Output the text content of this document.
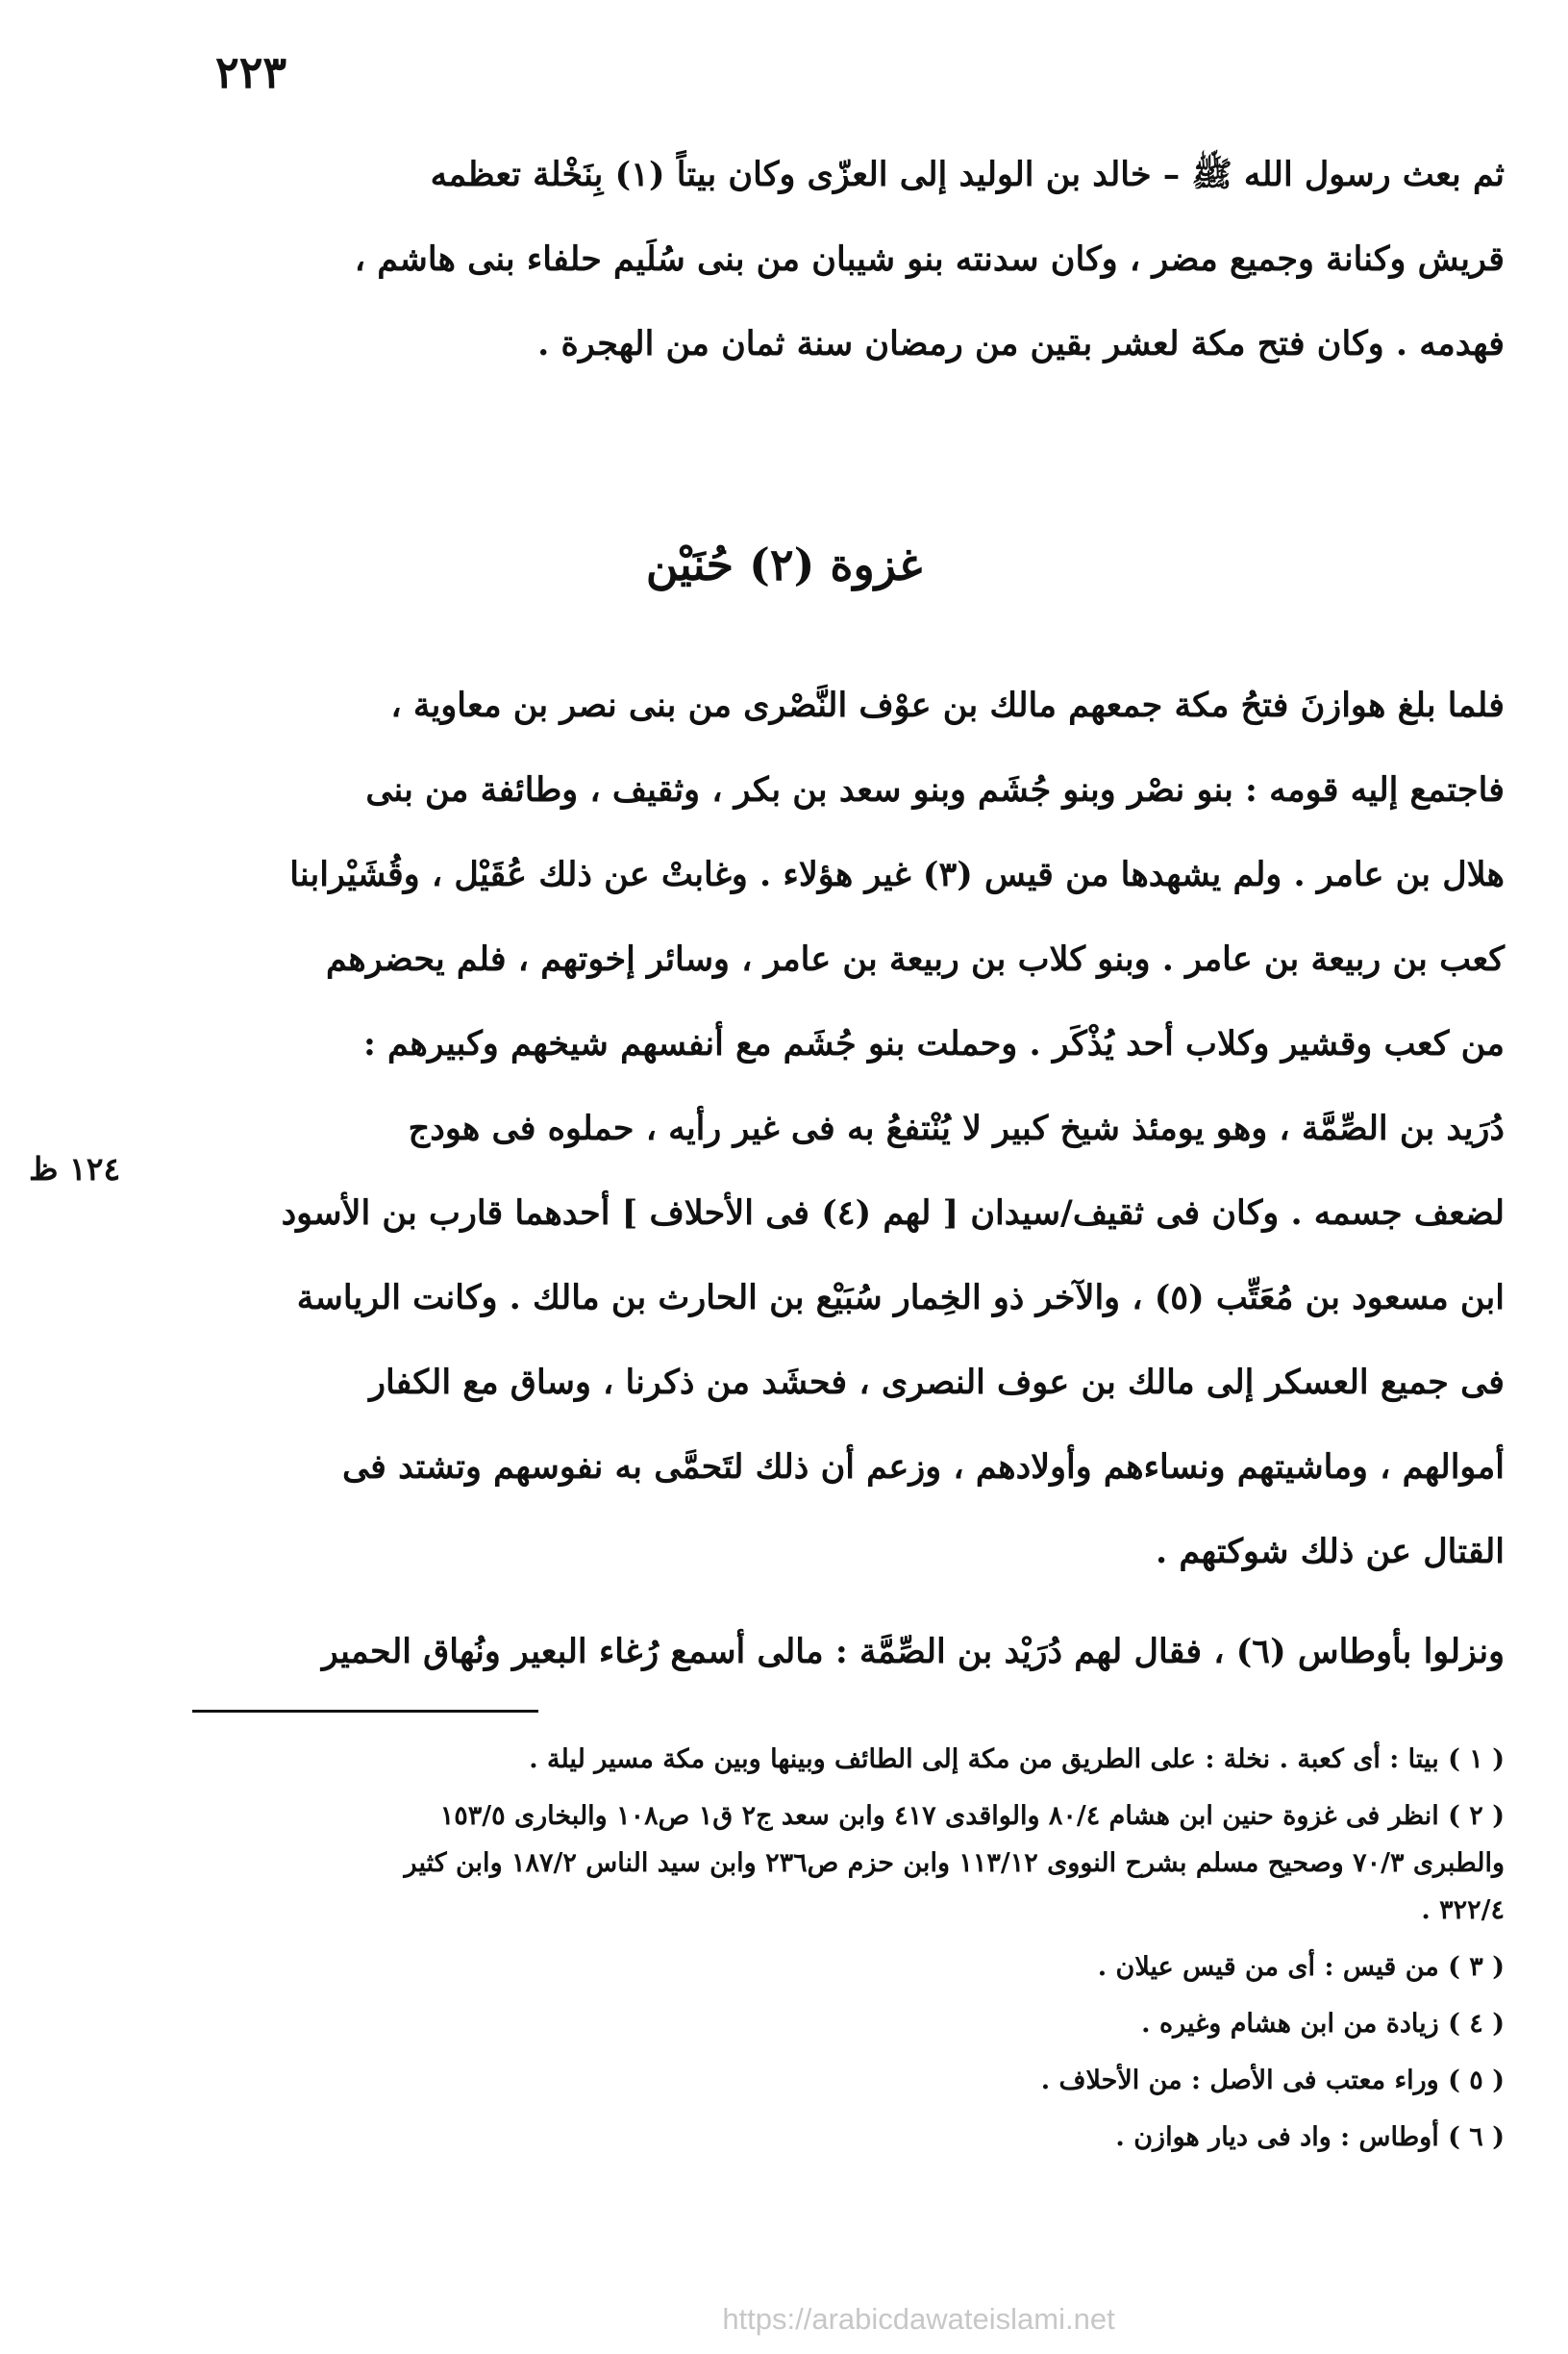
٢٢٣

ثم بعث رسول الله ﷺ – خالد بن الوليد إلى العزّى وكان بيتاً (١) بِنَخْلة تعظمه
قريش وكنانة وجميع مضر ، وكان سدنته بنو شيبان من بنى سُلَيم حلفاء بنى هاشم ،
فهدمه . وكان فتح مكة لعشر بقين من رمضان سنة ثمان من الهجرة .

غزوة (٢) حُنَيْن

فلما بلغ هوازنَ فتحُ مكة جمعهم مالك بن عوْف النَّصْرى من بنى نصر بن معاوية ،
فاجتمع إليه قومه : بنو نصْر وبنو جُشَم وبنو سعد بن بكر ، وثقيف ، وطائفة من بنى
هلال بن عامر . ولم يشهدها من قيس (٣) غير هؤلاء . وغابتْ عن ذلك عُقَيْل ، وقُشَيْرابنا
كعب بن ربيعة بن عامر . وبنو كلاب بن ربيعة بن عامر ، وسائر إخوتهم ، فلم يحضرهم
من كعب وقشير وكلاب أحد يُذْكَر . وحملت بنو جُشَم مع أنفسهم شيخهم وكبيرهم :
دُرَيد بن الصِّمَّة ، وهو يومئذ شيخ كبير لا يُنْتفعُ به فى غير رأيه ، حملوه فى هودج
لضعف جسمه . وكان فى ثقيف/سيدان [ لهم (٤) فى الأحلاف ] أحدهما قارب بن الأسود
ابن مسعود بن مُعَتِّب (٥) ، والآخر ذو الخِمار سُبَيْع بن الحارث بن مالك . وكانت الرياسة
فى جميع العسكر إلى مالك بن عوف النصرى ، فحشَد من ذكرنا ، وساق مع الكفار
أموالهم ، وماشيتهم ونساءهم وأولادهم ، وزعم أن ذلك لتَحمَّى به نفوسهم وتشتد فى
القتال عن ذلك شوكتهم .

ونزلوا بأوطاس (٦) ، فقال لهم دُرَيْد بن الصِّمَّة : مالى أسمع رُغاء البعير ونُهاق الحمير

١٢٤ ظ

( ١ ) بيتا : أى كعبة . نخلة : على الطريق من مكة إلى الطائف وبينها وبين مكة مسير ليلة .

( ٢ ) انظر فى غزوة حنين ابن هشام ٨٠/٤ والواقدى ٤١٧ وابن سعد ج٢ ق١ ص١٠٨ والبخارى ١٥٣/٥

والطبرى ٧٠/٣ وصحيح مسلم بشرح النووى ١١٣/١٢ وابن حزم ص٢٣٦ وابن سيد الناس ١٨٧/٢ وابن كثير

٣٢٢/٤ .

( ٣ ) من قيس : أى من قيس عيلان .

( ٤ ) زيادة من ابن هشام وغيره .

( ٥ ) وراء معتب فى الأصل : من الأحلاف .

( ٦ ) أوطاس : واد فى ديار هوازن .

https://arabicdawateislami.net
